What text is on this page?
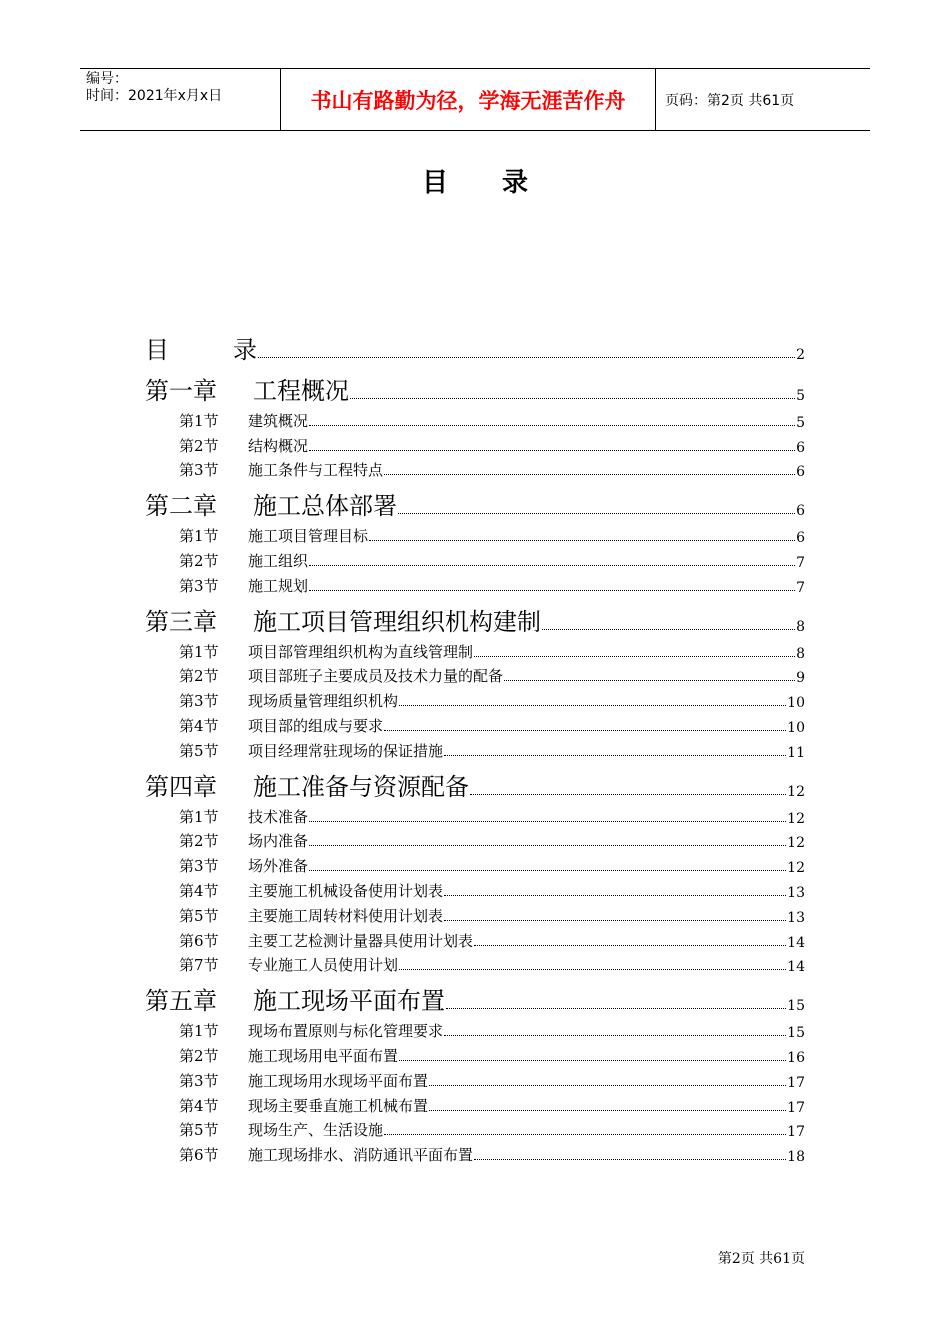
编号：
时间：2021年x月x日	书山有路勤为径，学海无涯苦作舟	页码：第2页 共61页
目录
目录	2
第一章 工程概况	5
第1节 建筑概况	5
第2节 结构概况	6
第3节 施工条件与工程特点	6
第二章 施工总体部署	6
第1节 施工项目管理目标	6
第2节 施工组织	7
第3节 施工规划	7
第三章 施工项目管理组织机构建制	8
第1节 项目部管理组织机构为直线管理制	8
第2节 项目部班子主要成员及技术力量的配备	9
第3节 现场质量管理组织机构	10
第4节 项目部的组成与要求	10
第5节 项目经理常驻现场的保证措施	11
第四章 施工准备与资源配备	12
第1节 技术准备	12
第2节 场内准备	12
第3节 场外准备	12
第4节 主要施工机械设备使用计划表	13
第5节 主要施工周转材料使用计划表	13
第6节 主要工艺检测计量器具使用计划表	14
第7节 专业施工人员使用计划	14
第五章 施工现场平面布置	15
第1节 现场布置原则与标化管理要求	15
第2节 施工现场用电平面布置	16
第3节 施工现场用水现场平面布置	17
第4节 现场主要垂直施工机械布置	17
第5节 现场生产、生活设施	17
第6节 施工现场排水、消防通讯平面布置	18
第2页 共61页
